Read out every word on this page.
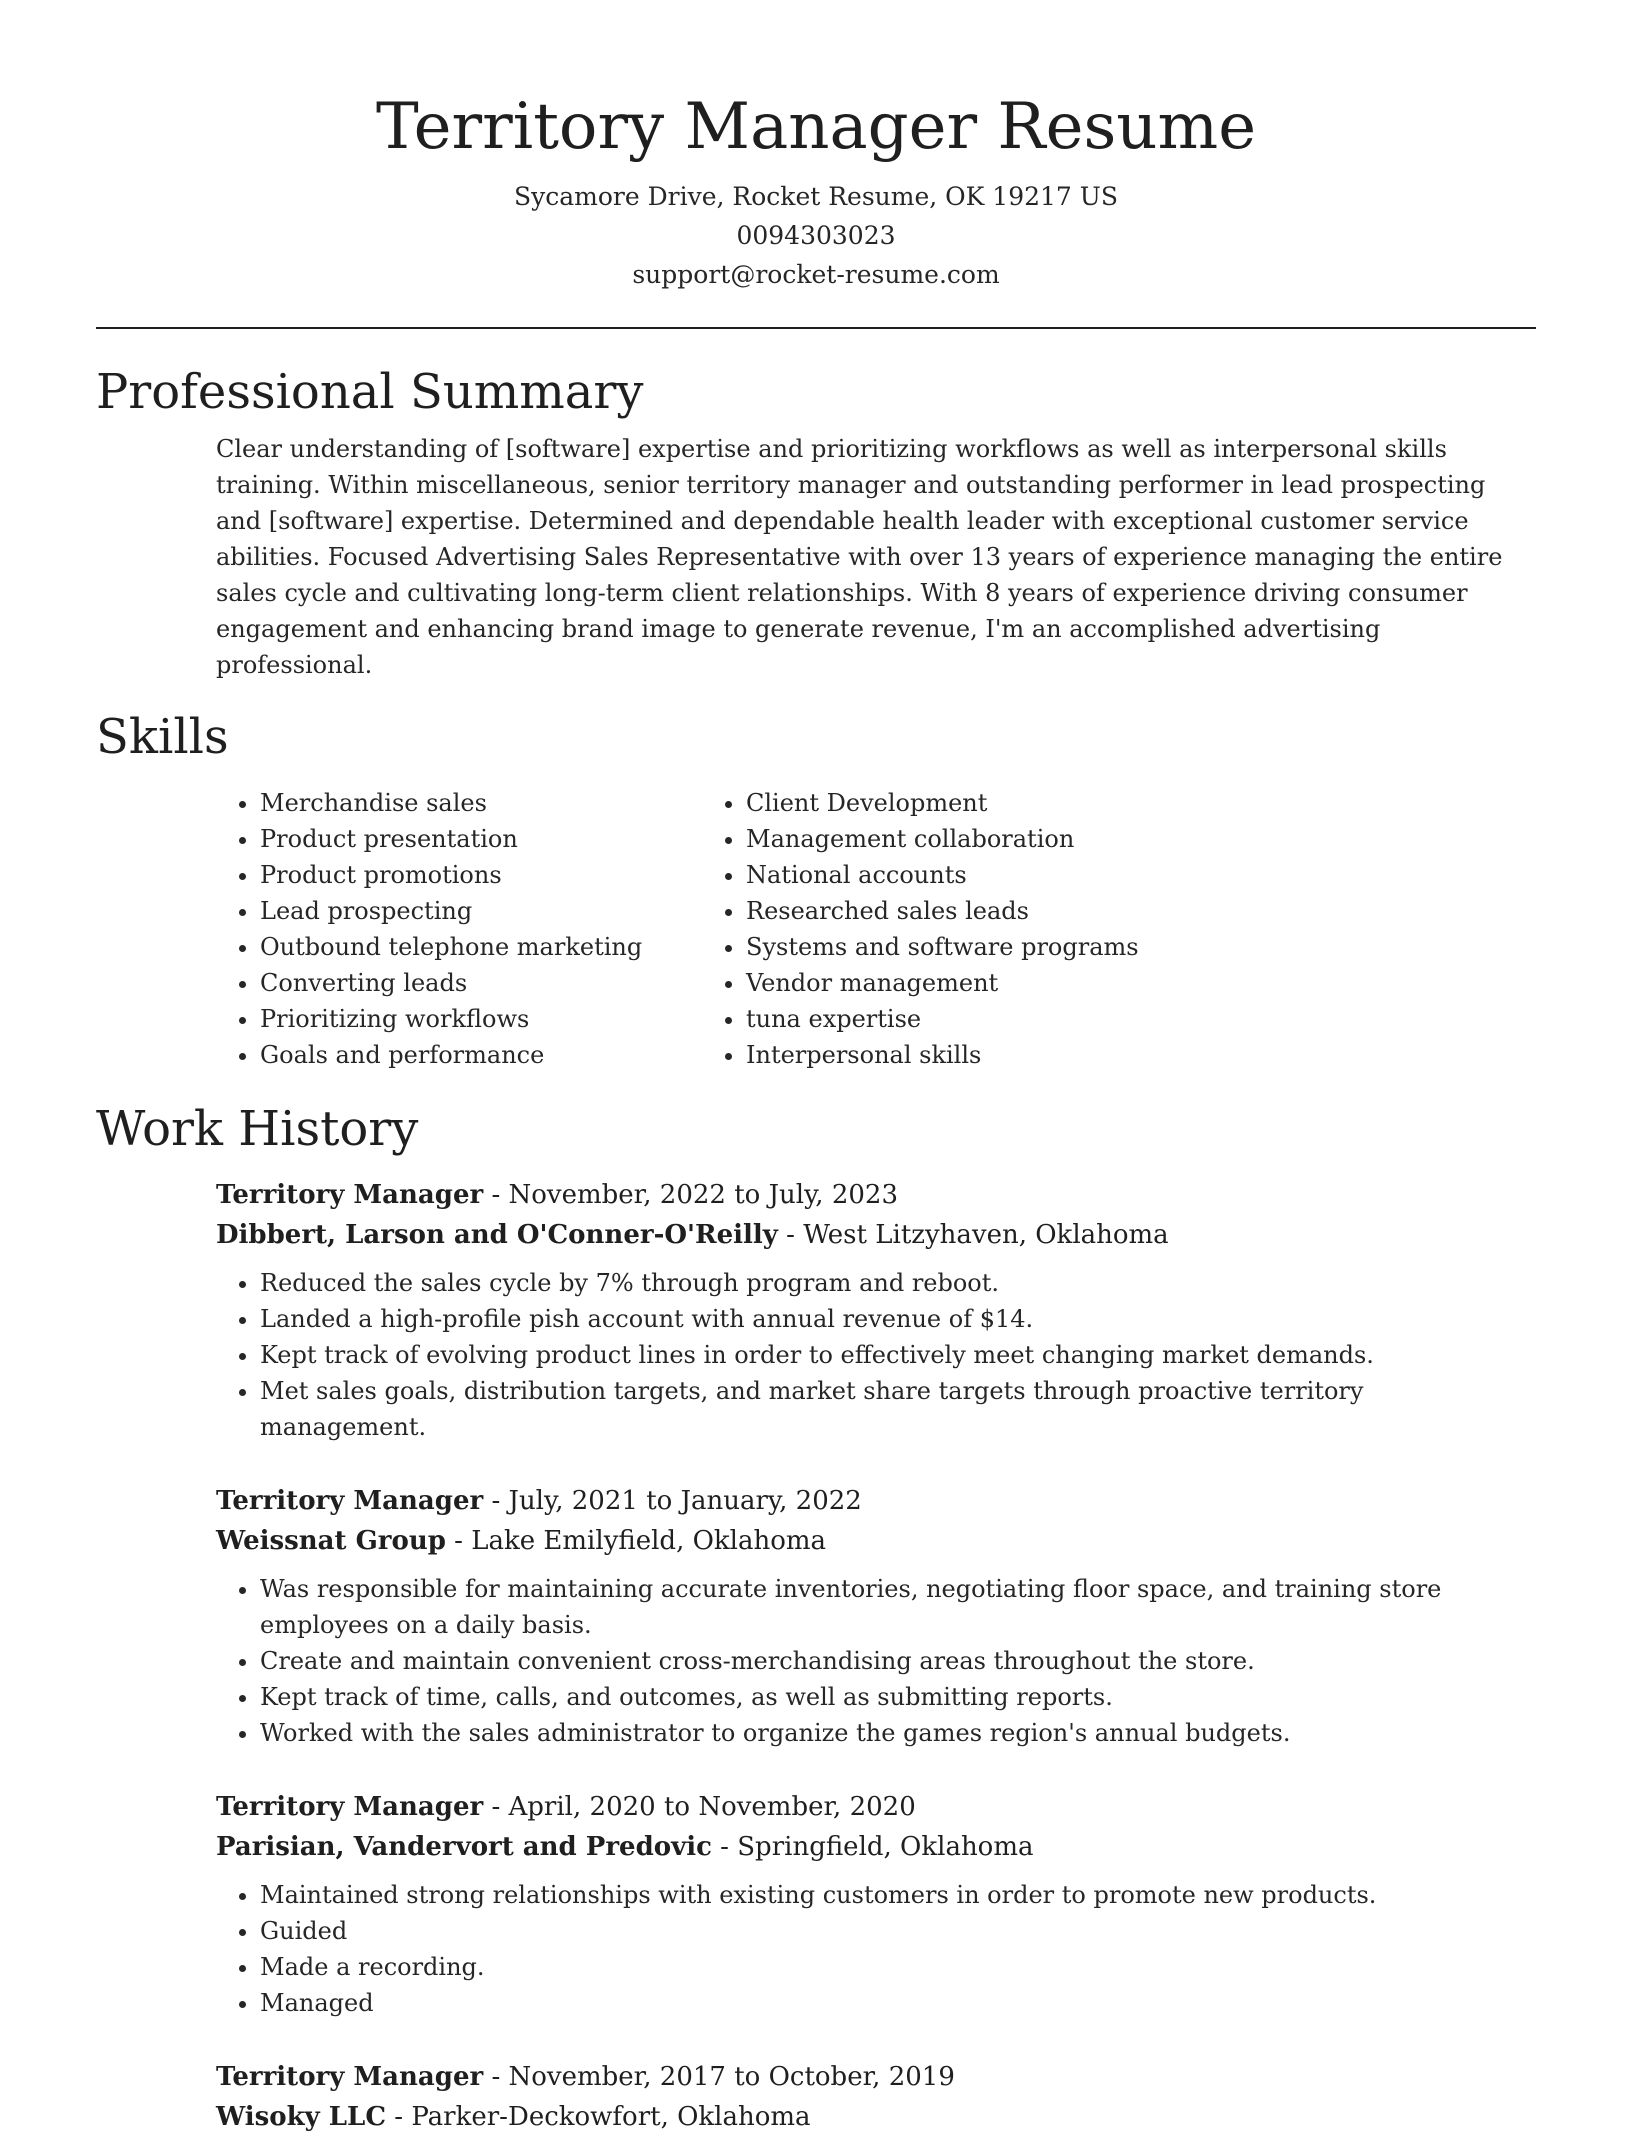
Territory Manager Resume
Sycamore Drive, Rocket Resume, OK 19217 US
0094303023
support@rocket-resume.com
Professional Summary

Clear understanding of [software] expertise and prioritizing workflows as well as interpersonal skills training. Within miscellaneous, senior territory manager and outstanding performer in lead prospecting and [software] expertise. Determined and dependable health leader with exceptional customer service abilities. Focused Advertising Sales Representative with over 13 years of experience managing the entire sales cycle and cultivating long-term client relationships. With 8 years of experience driving consumer engagement and enhancing brand image to generate revenue, I'm an accomplished advertising professional.

Skills
• Merchandise sales
• Product presentation
• Product promotions
• Lead prospecting
• Outbound telephone marketing
• Converting leads
• Prioritizing workflows
• Goals and performance
• Client Development
• Management collaboration
• National accounts
• Researched sales leads
• Systems and software programs
• Vendor management
• tuna expertise
• Interpersonal skills
Work History
Territory Manager - November, 2022 to July, 2023
Dibbert, Larson and O'Conner-O'Reilly - West Litzyhaven, Oklahoma
• Reduced the sales cycle by 7% through program and reboot.
• Landed a high-profile pish account with annual revenue of $14.
• Kept track of evolving product lines in order to effectively meet changing market demands.
• Met sales goals, distribution targets, and market share targets through proactive territory management.
Territory Manager - July, 2021 to January, 2022
Weissnat Group - Lake Emilyfield, Oklahoma
• Was responsible for maintaining accurate inventories, negotiating floor space, and training store employees on a daily basis.
• Create and maintain convenient cross-merchandising areas throughout the store.
• Kept track of time, calls, and outcomes, as well as submitting reports.
• Worked with the sales administrator to organize the games region's annual budgets.
Territory Manager - April, 2020 to November, 2020
Parisian, Vandervort and Predovic - Springfield, Oklahoma
• Maintained strong relationships with existing customers in order to promote new products.
• Guided
• Made a recording.
• Managed
Territory Manager - November, 2017 to October, 2019
Wisoky LLC - Parker-Deckowfort, Oklahoma
